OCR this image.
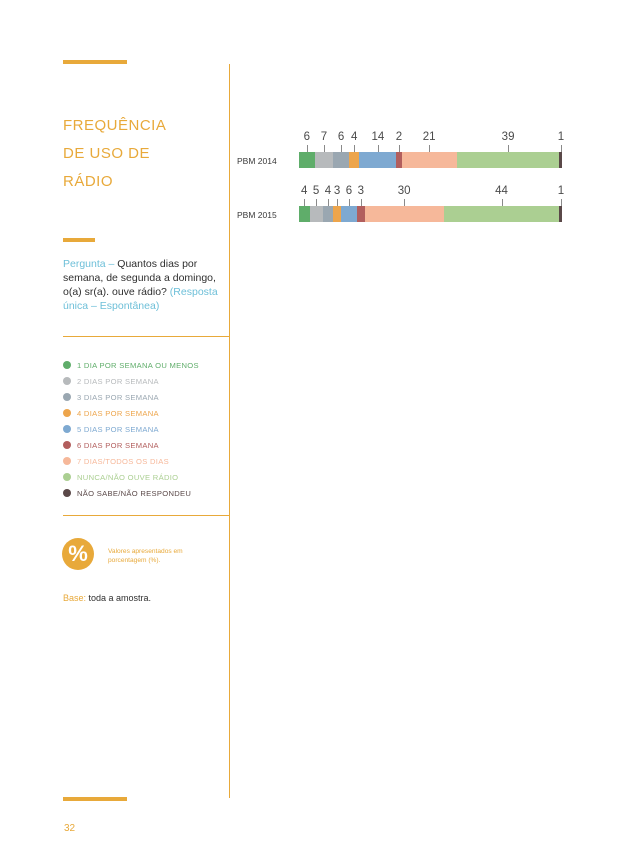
FREQUÊNCIA
DE USO DE
RÁDIO
Pergunta – Quantos dias por semana, de segunda a domingo, o(a) sr(a). ouve rádio? (Resposta única – Espontânea)
1 DIA POR SEMANA OU MENOS
2 DIAS POR SEMANA
3 DIAS POR SEMANA
4 DIAS POR SEMANA
5 DIAS POR SEMANA
6 DIAS POR SEMANA
7 DIAS/TODOS OS DIAS
NUNCA/NÃO OUVE RÁDIO
NÃO SABE/NÃO RESPONDEU
%	Valores apresentados em porcentagem (%).
Base: toda a amostra.
PBM 2014
6 7 6 4 14 2 21	39	1
PBM 2015
4 5 4 3 6 3	30	44	1
32
